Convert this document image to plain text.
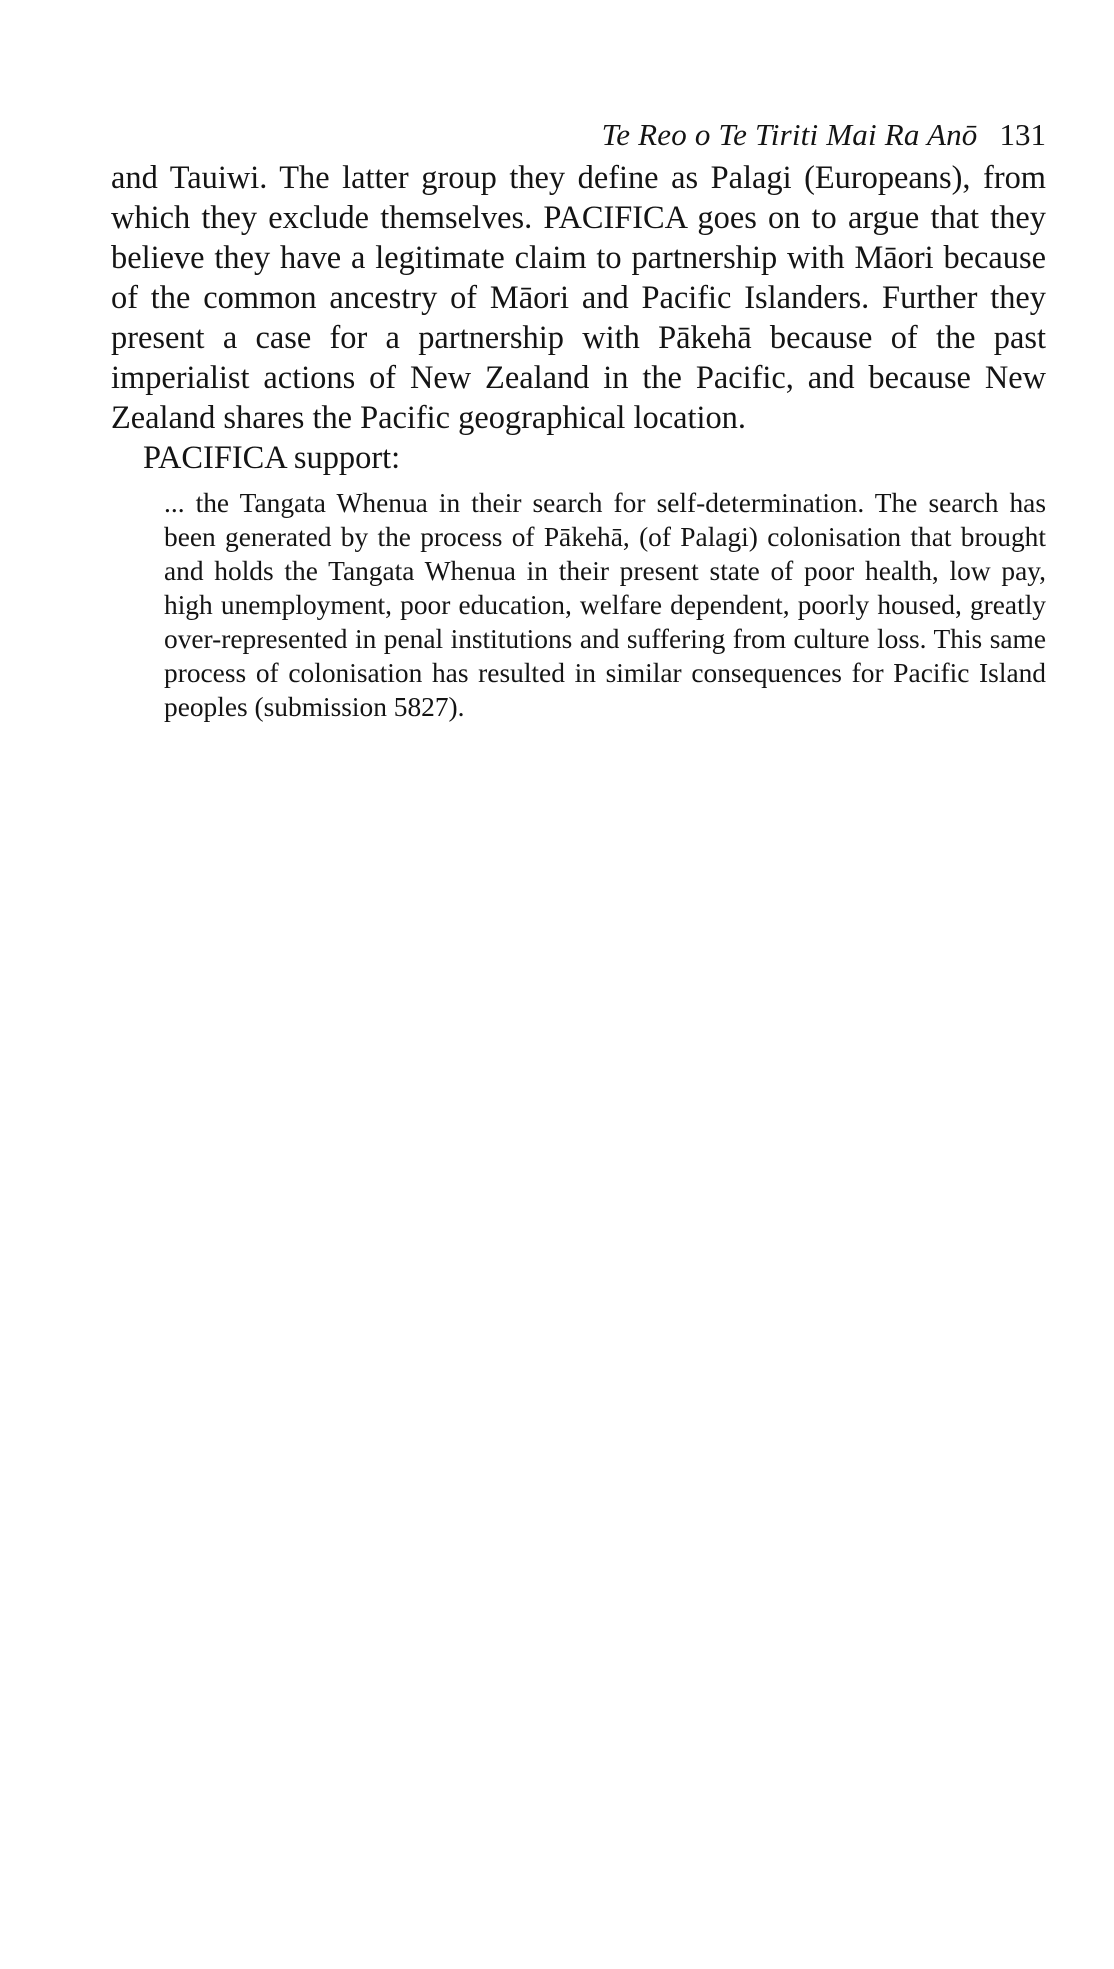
Te Reo o Te Tiriti Mai Ra Anō 131

and Tauiwi. The latter group they define as Palagi (Europeans), from which they exclude themselves. PACIFICA goes on to argue that they believe they have a legitimate claim to partnership with Māori because of the common ancestry of Māori and Pacific Islanders. Further they present a case for a partnership with Pākehā because of the past imperialist actions of New Zealand in the Pacific, and because New Zealand shares the Pacific geographical location.

PACIFICA support:

... the Tangata Whenua in their search for self-determination. The search has been generated by the process of Pākehā, (of Palagi) colonisation that brought and holds the Tangata Whenua in their present state of poor health, low pay, high unemployment, poor education, welfare dependent, poorly housed, greatly over-represented in penal institutions and suffering from culture loss. This same process of colonisation has resulted in similar consequences for Pacific Island peoples (submission 5827).
